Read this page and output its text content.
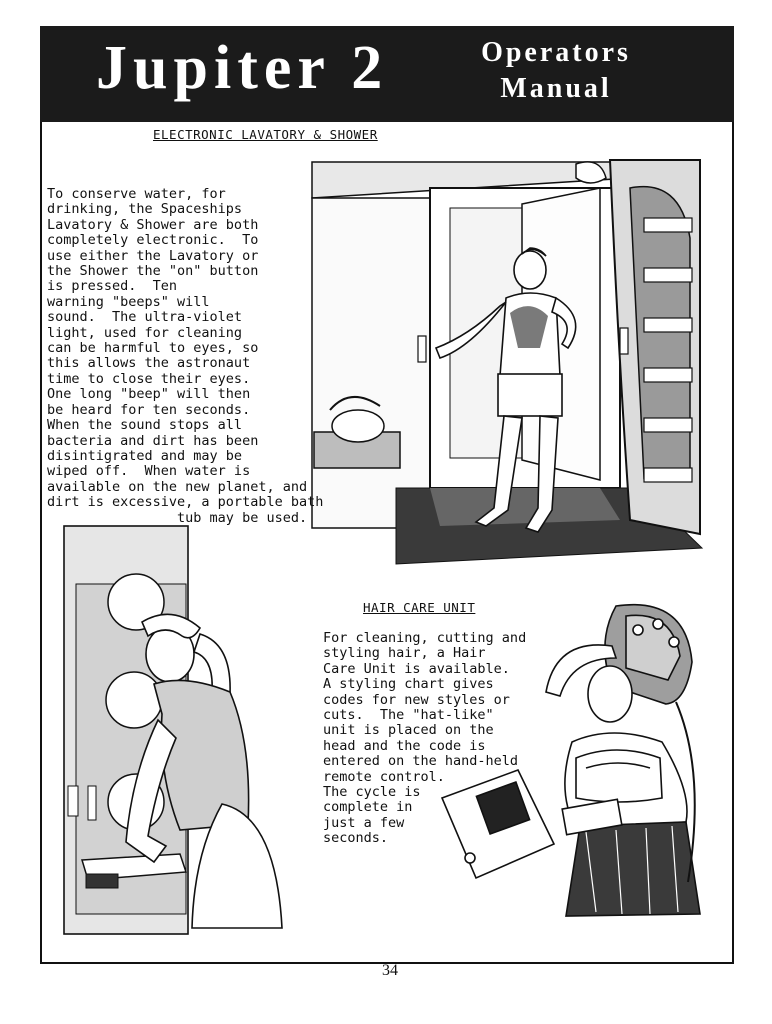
Jupiter 2	Operators
Manual
ELECTRONIC LAVATORY & SHOWER

To conserve water, for
drinking, the Spaceships
Lavatory & Shower are both
completely electronic.  To
use either the Lavatory or
the Shower the "on" button
is pressed.  Ten
warning "beeps" will
sound.  The ultra-violet
light, used for cleaning
can be harmful to eyes, so
this allows the astronaut
time to close their eyes.
One long "beep" will then
be heard for ten seconds.
When the sound stops all
bacteria and dirt has been
disintigrated and may be
wiped off.  When water is
available on the new planet, and
dirt is excessive, a portable bath
tub may be used.

HAIR CARE UNIT

For cleaning, cutting and
styling hair, a Hair
Care Unit is available.
A styling chart gives
codes for new styles or
cuts.  The "hat-like"
unit is placed on the
head and the code is
entered on the hand-held
remote control.
The cycle is
complete in
just a few
seconds.

34
